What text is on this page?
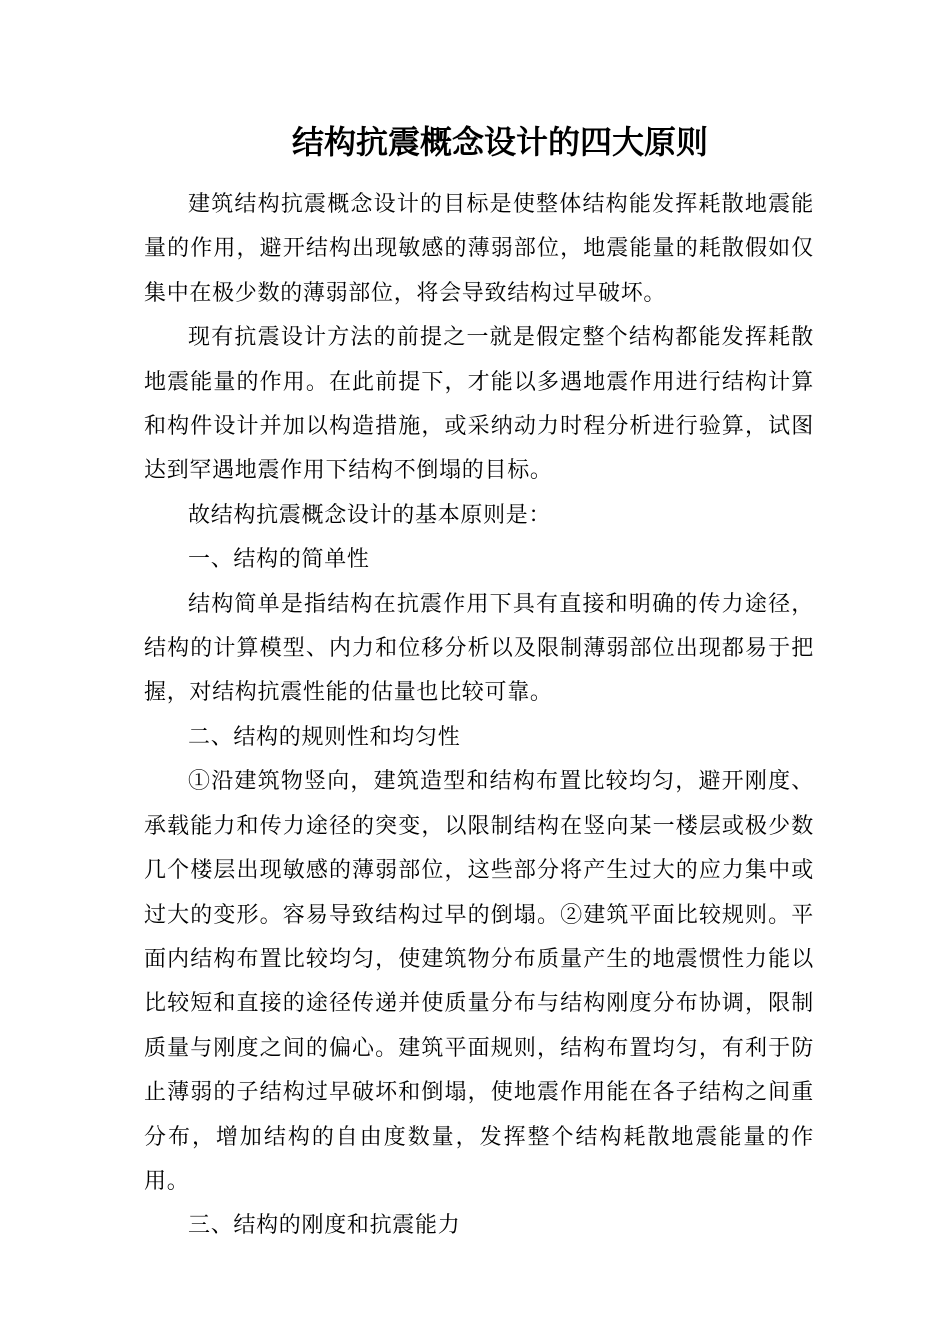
结构抗震概念设计的四大原则

建筑结构抗震概念设计的目标是使整体结构能发挥耗散地震能量的作用，避开结构出现敏感的薄弱部位，地震能量的耗散假如仅集中在极少数的薄弱部位，将会导致结构过早破坏。

现有抗震设计方法的前提之一就是假定整个结构都能发挥耗散地震能量的作用。在此前提下，才能以多遇地震作用进行结构计算和构件设计并加以构造措施，或采纳动力时程分析进行验算，试图达到罕遇地震作用下结构不倒塌的目标。

故结构抗震概念设计的基本原则是：

一、结构的简单性

结构简单是指结构在抗震作用下具有直接和明确的传力途径，结构的计算模型、内力和位移分析以及限制薄弱部位出现都易于把握，对结构抗震性能的估量也比较可靠。

二、结构的规则性和均匀性

①沿建筑物竖向，建筑造型和结构布置比较均匀，避开刚度、承载能力和传力途径的突变，以限制结构在竖向某一楼层或极少数几个楼层出现敏感的薄弱部位，这些部分将产生过大的应力集中或过大的变形。容易导致结构过早的倒塌。②建筑平面比较规则。平面内结构布置比较均匀，使建筑物分布质量产生的地震惯性力能以比较短和直接的途径传递并使质量分布与结构刚度分布协调，限制质量与刚度之间的偏心。建筑平面规则，结构布置均匀，有利于防止薄弱的子结构过早破坏和倒塌，使地震作用能在各子结构之间重分布，增加结构的自由度数量，发挥整个结构耗散地震能量的作用。

三、结构的刚度和抗震能力
